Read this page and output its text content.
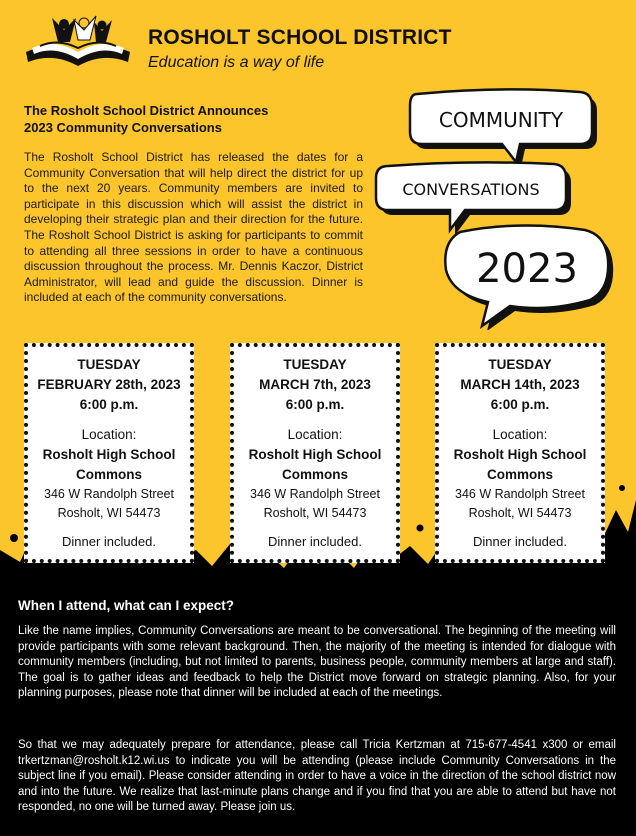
ROSHOLT SCHOOL DISTRICT
Education is a way of life
The Rosholt School District Announces
2023 Community Conversations

The Rosholt School District has released the dates for a Community Conversation that will help direct the district for up to the next 20 years. Community members are invited to participate in this discussion which will assist the district in developing their strategic plan and their direction for the future. The Rosholt School District is asking for participants to commit to attending all three sessions in order to have a continuous discussion throughout the process. Mr. Dennis Kaczor, District Administrator, will lead and guide the discussion. Dinner is included at each of the community conversations.

COMMUNITY
CONVERSATIONS
2023
TUESDAY
FEBRUARY 28th, 2023
6:00 p.m.
Location:
Rosholt High School
Commons
346 W Randolph Street
Rosholt, WI 54473
Dinner included.
TUESDAY
MARCH 7th, 2023
6:00 p.m.
Location:
Rosholt High School
Commons
346 W Randolph Street
Rosholt, WI 54473
Dinner included.
TUESDAY
MARCH 14th, 2023
6:00 p.m.
Location:
Rosholt High School
Commons
346 W Randolph Street
Rosholt, WI 54473
Dinner included.
When I attend, what can I expect?

Like the name implies, Community Conversations are meant to be conversational. The beginning of the meeting will provide participants with some relevant background. Then, the majority of the meeting is intended for dialogue with community members (including, but not limited to parents, business people, community members at large and staff). The goal is to gather ideas and feedback to help the District move forward on strategic planning. Also, for your planning purposes, please note that dinner will be included at each of the meetings.

So that we may adequately prepare for attendance, please call Tricia Kertzman at 715-677-4541 x300 or email trkertzman@rosholt.k12.wi.us to indicate you will be attending (please include Community Conversations in the subject line if you email). Please consider attending in order to have a voice in the direction of the school district now and into the future. We realize that last-minute plans change and if you find that you are able to attend but have not responded, no one will be turned away. Please join us.
